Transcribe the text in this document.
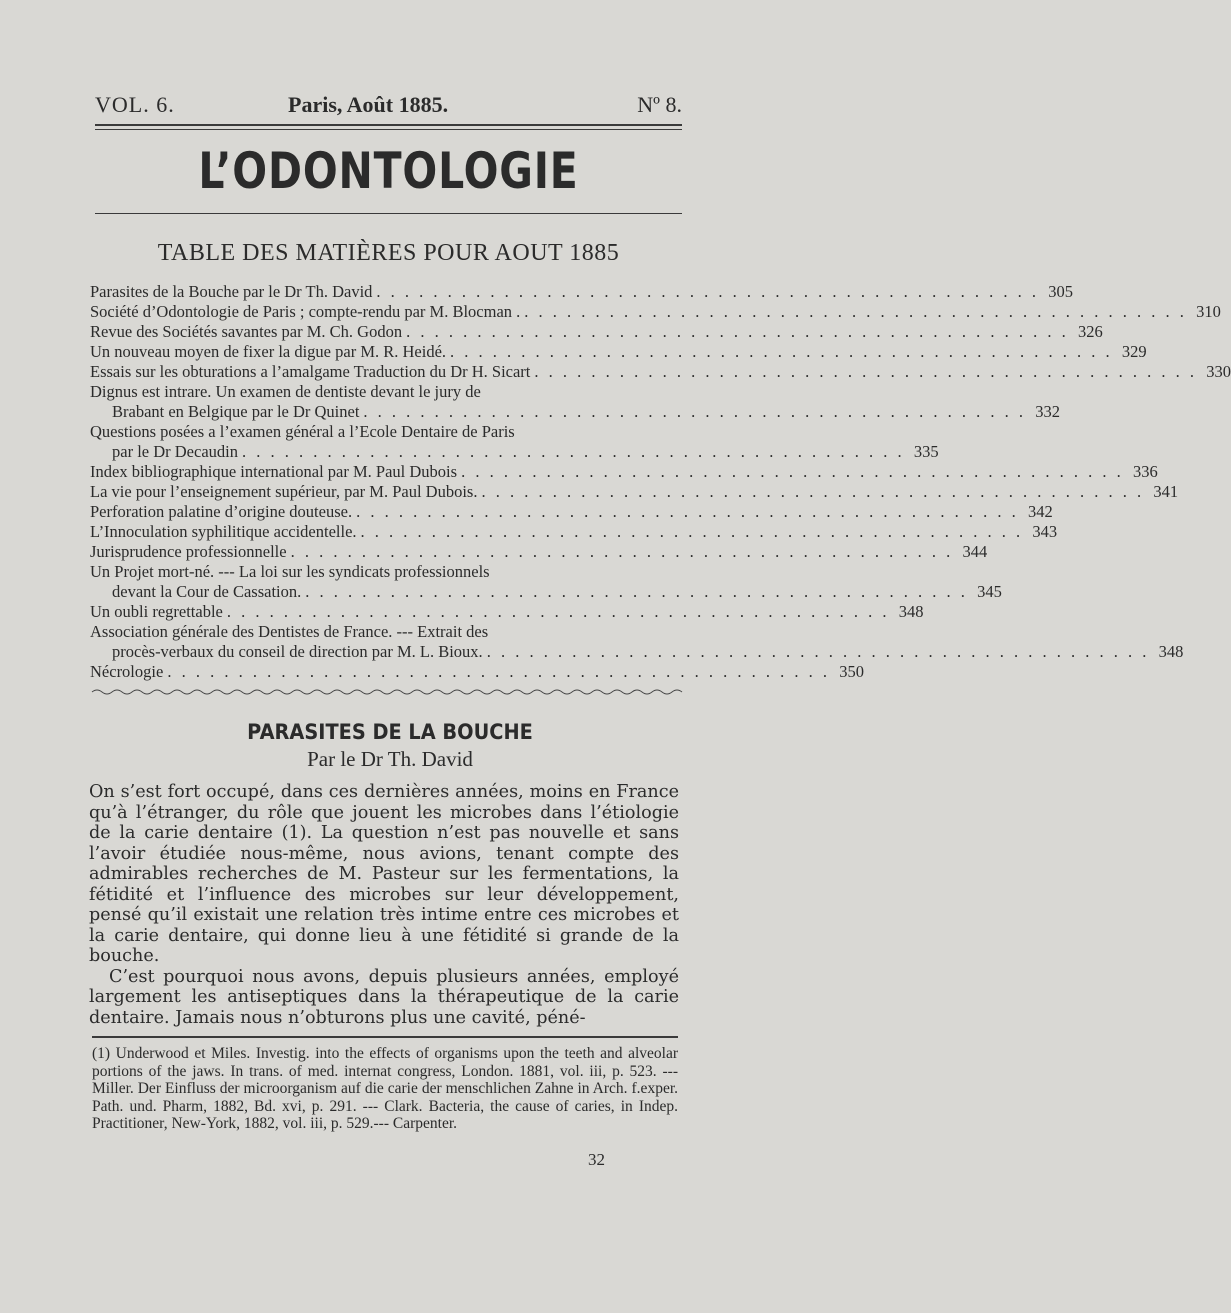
VOL. 6.	Paris, Août 1885.	Nº 8.
L’ODONTOLOGIE
TABLE DES MATIÈRES POUR AOUT 1885
Parasites de la Bouche par le Dr Th. David . . . . . . . . . . . . . . . . . . . . . . . . . . . . . . . . . . . . . . . . . . . . . . . 305
Société d’Odontologie de Paris ; compte-rendu par M. Blocman . . . . . . . . . . . . . . . . . . . . . . . . . . . . . . . . . . . . . . . . . . . . . . . . 310
Revue des Sociétés savantes par M. Ch. Godon . . . . . . . . . . . . . . . . . . . . . . . . . . . . . . . . . . . . . . . . . . . . . . . 326
Un nouveau moyen de fixer la digue par M. R. Heidé. . . . . . . . . . . . . . . . . . . . . . . . . . . . . . . . . . . . . . . . . . . . . . . . 329
Essais sur les obturations a l’amalgame Traduction du Dr H. Sicart . . . . . . . . . . . . . . . . . . . . . . . . . . . . . . . . . . . . . . . . . . . . . . . 330
Dignus est intrare. Un examen de dentiste devant le jury de
Brabant en Belgique par le Dr Quinet . . . . . . . . . . . . . . . . . . . . . . . . . . . . . . . . . . . . . . . . . . . . . . . 332
Questions posées a l’examen général a l’Ecole Dentaire de Paris
par le Dr Decaudin . . . . . . . . . . . . . . . . . . . . . . . . . . . . . . . . . . . . . . . . . . . . . . . 335
Index bibliographique international par M. Paul Dubois . . . . . . . . . . . . . . . . . . . . . . . . . . . . . . . . . . . . . . . . . . . . . . . 336
La vie pour l’enseignement supérieur, par M. Paul Dubois. . . . . . . . . . . . . . . . . . . . . . . . . . . . . . . . . . . . . . . . . . . . . . . . 341
Perforation palatine d’origine douteuse. . . . . . . . . . . . . . . . . . . . . . . . . . . . . . . . . . . . . . . . . . . . . . . . 342
L’Innoculation syphilitique accidentelle. . . . . . . . . . . . . . . . . . . . . . . . . . . . . . . . . . . . . . . . . . . . . . . . 343
Jurisprudence professionnelle . . . . . . . . . . . . . . . . . . . . . . . . . . . . . . . . . . . . . . . . . . . . . . . 344
Un Projet mort-né. --- La loi sur les syndicats professionnels
devant la Cour de Cassation. . . . . . . . . . . . . . . . . . . . . . . . . . . . . . . . . . . . . . . . . . . . . . . . 345
Un oubli regrettable . . . . . . . . . . . . . . . . . . . . . . . . . . . . . . . . . . . . . . . . . . . . . . . 348
Association générale des Dentistes de France. --- Extrait des
procès-verbaux du conseil de direction par M. L. Bioux. . . . . . . . . . . . . . . . . . . . . . . . . . . . . . . . . . . . . . . . . . . . . . . . 348
Nécrologie . . . . . . . . . . . . . . . . . . . . . . . . . . . . . . . . . . . . . . . . . . . . . . . 350
PARASITES DE LA BOUCHE
Par le Dr Th. David

On s’est fort occupé, dans ces dernières années, moins en France qu’à l’étranger, du rôle que jouent les microbes dans l’étiologie de la carie dentaire (1). La question n’est pas nouvelle et sans l’avoir étudiée nous-même, nous avions, tenant compte des admirables recherches de M. Pasteur sur les fermentations, la fétidité et l’influence des microbes sur leur développement, pensé qu’il existait une relation très intime entre ces microbes et la carie dentaire, qui donne lieu à une fétidité si grande de la bouche.

C’est pourquoi nous avons, depuis plusieurs années, employé largement les antiseptiques dans la thérapeutique de la carie dentaire. Jamais nous n’obturons plus une cavité, péné-

(1) Underwood et Miles. Investig. into the effects of organisms upon the teeth and alveolar portions of the jaws. In trans. of med. internat congress, London. 1881, vol. iii, p. 523. --- Miller. Der Einfluss der microorganism auf die carie der menschlichen Zahne in Arch. f.exper. Path. und. Pharm, 1882, Bd. xvi, p. 291. --- Clark. Bacteria, the cause of caries, in Indep. Practitioner, New-York, 1882, vol. iii, p. 529.--- Carpenter.
32
